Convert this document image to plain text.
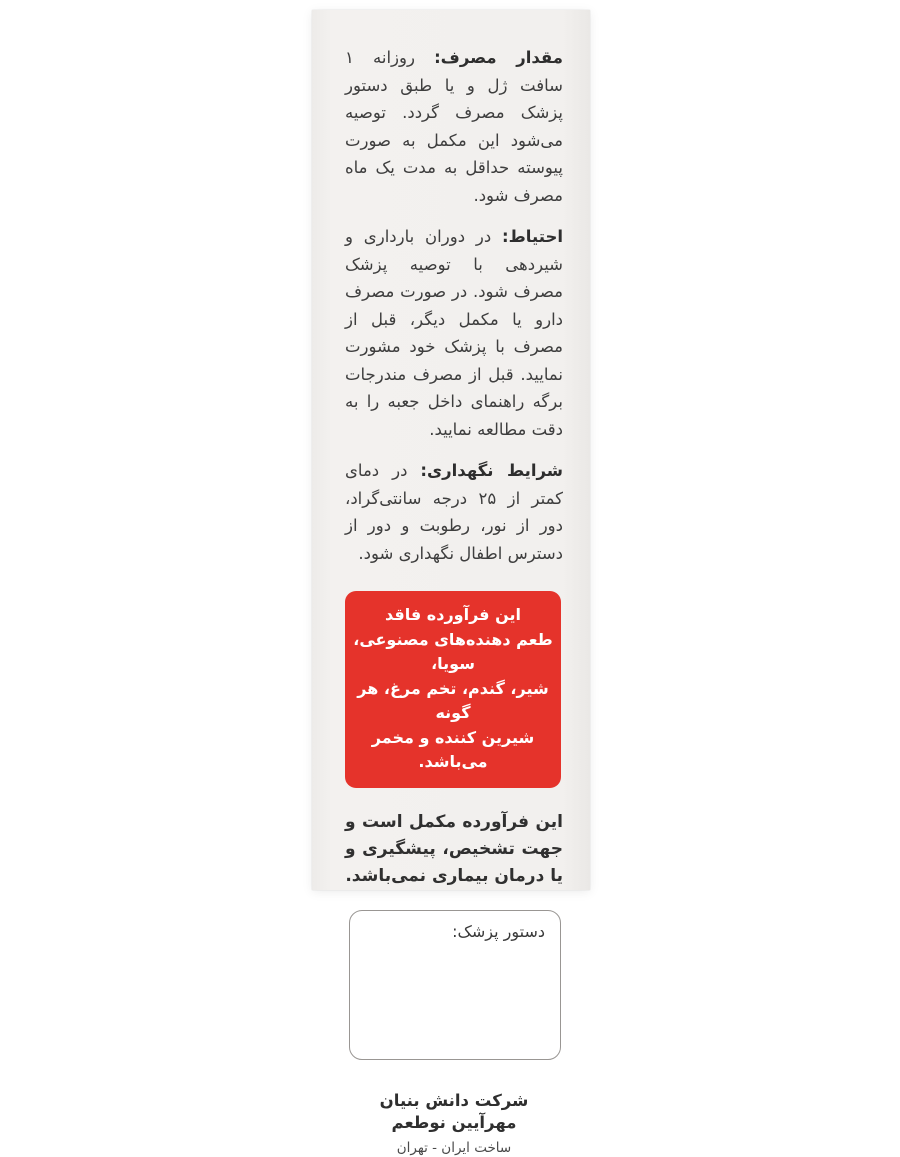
مقدار مصرف: روزانه ۱ سافت ژل و یا طبق دستور پزشک مصرف گردد. توصیه می‌شود این مکمل به صورت پیوسته حداقل به مدت یک ماه مصرف شود.

احتیاط: در دوران بارداری و شیردهی با توصیه پزشک مصرف شود. در صورت مصرف دارو یا مکمل دیگر، قبل از مصرف با پزشک خود مشورت نمایید. قبل از مصرف مندرجات برگه راهنمای داخل جعبه را به دقت مطالعه نمایید.

شرایط نگهداری: در دمای کمتر از ۲۵ درجه سانتی‌گراد، دور از نور، رطوبت و دور از دسترس اطفال نگهداری شود.

این فرآورده فاقد
طعم دهنده‌های مصنوعی، سویا،
شیر، گندم، تخم مرغ، هر گونه
شیرین کننده و مخمر می‌باشد.

این فرآورده مکمل است و جهت تشخیص، پیشگیری و یا درمان بیماری نمی‌باشد.

دستور پزشک:
شرکت دانش بنیان مهرآیین نوطعم
ساخت ایران - تهران
